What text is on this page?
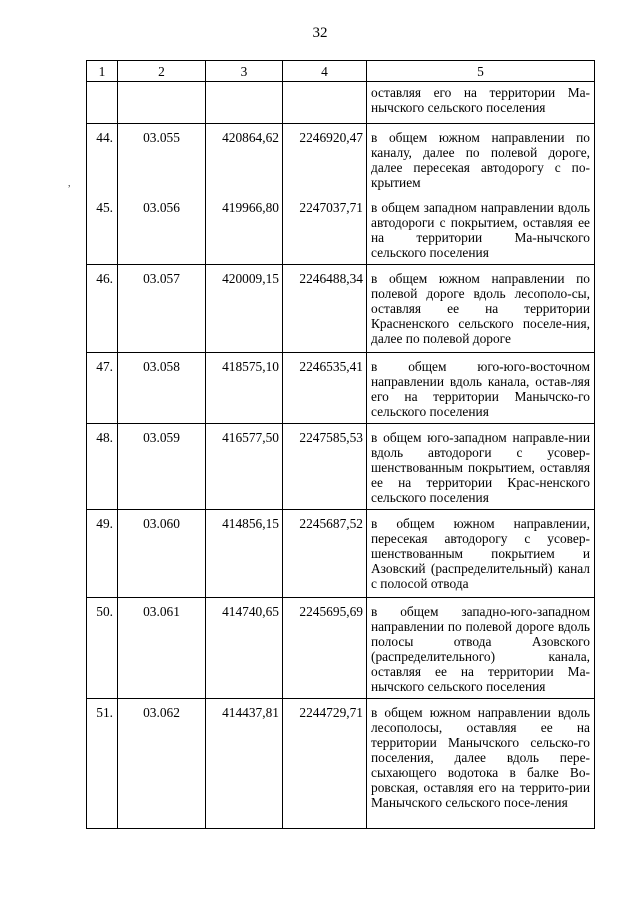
32
,
1	2	3	4	5
				оставляя его на территории Ма-нычского сельского поселения
44.	03.055	420864,62	2246920,47	в общем южном направлении по каналу, далее по полевой дороге, далее пересекая автодорогу с по-крытием
45.	03.056	419966,80	2247037,71	в общем западном направлении вдоль автодороги с покрытием, оставляя ее на территории Ма-нычского сельского поселения
46.	03.057	420009,15	2246488,34	в общем южном направлении по полевой дороге вдоль лесополо-сы, оставляя ее на территории Красненского сельского поселе-ния, далее по полевой дороге
47.	03.058	418575,10	2246535,41	в общем юго-юго-восточном направлении вдоль канала, остав-ляя его на территории Манычско-го сельского поселения
48.	03.059	416577,50	2247585,53	в общем юго-западном направле-нии вдоль автодороги с усовер-шенствованным покрытием, оставляя ее на территории Крас-ненского сельского поселения
49.	03.060	414856,15	2245687,52	в общем южном направлении, пересекая автодорогу с усовер-шенствованным покрытием и Азовский (распределительный) канал с полосой отвода
50.	03.061	414740,65	2245695,69	в общем западно-юго-западном направлении по полевой дороге вдоль полосы отвода Азовского (распределительного) канала, оставляя ее на территории Ма-нычского сельского поселения
51.	03.062	414437,81	2244729,71	в общем южном направлении вдоль лесополосы, оставляя ее на территории Манычского сельско-го поселения, далее вдоль пере-сыхающего водотока в балке Во-ровская, оставляя его на террито-рии Манычского сельского посе-ления
